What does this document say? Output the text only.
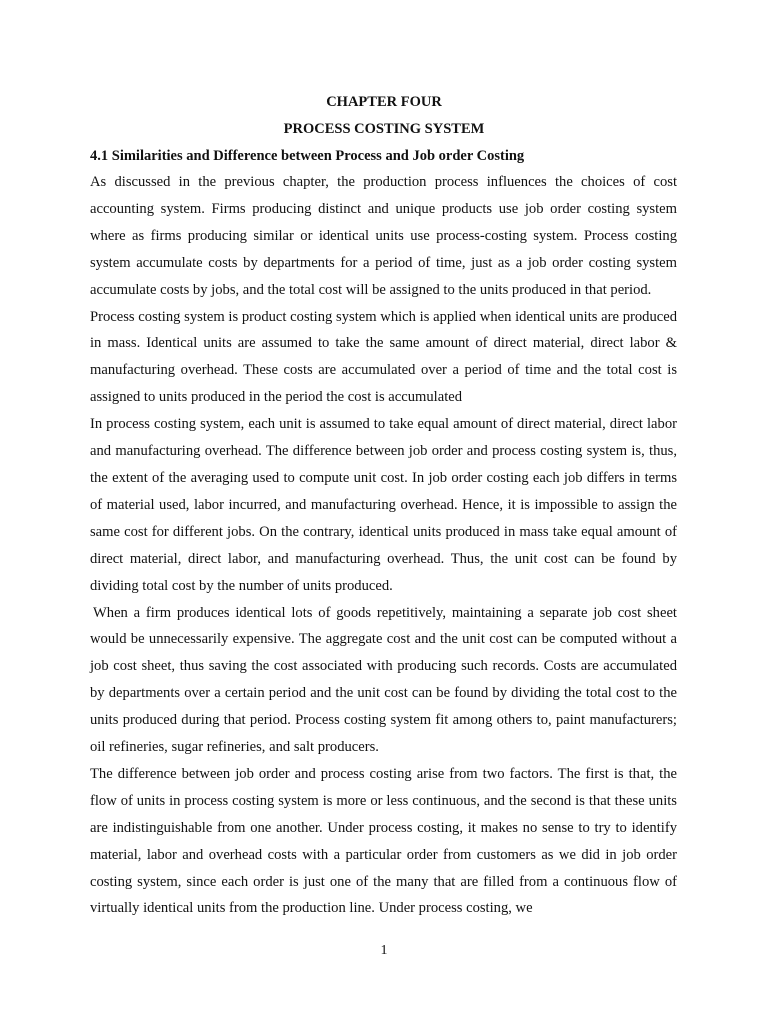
CHAPTER FOUR
PROCESS COSTING SYSTEM
4.1 Similarities and Difference between Process and Job order Costing

As discussed in the previous chapter, the production process influences the choices of cost accounting system. Firms producing distinct and unique products use job order costing system where as firms producing similar or identical units use process-costing system. Process costing system accumulate costs by departments for a period of time, just as a job order costing system accumulate costs by jobs, and the total cost will be assigned to the units produced in that period.

Process costing system is product costing system which is applied when identical units are produced in mass. Identical units are assumed to take the same amount of direct material, direct labor & manufacturing overhead. These costs are accumulated over a period of time and the total cost is assigned to units produced in the period the cost is accumulated

In process costing system, each unit is assumed to take equal amount of direct material, direct labor and manufacturing overhead. The difference between job order and process costing system is, thus, the extent of the averaging used to compute unit cost. In job order costing each job differs in terms of material used, labor incurred, and manufacturing overhead. Hence, it is impossible to assign the same cost for different jobs. On the contrary, identical units produced in mass take equal amount of direct material, direct labor, and manufacturing overhead. Thus, the unit cost can be found by dividing total cost by the number of units produced.

When a firm produces identical lots of goods repetitively, maintaining a separate job cost sheet would be unnecessarily expensive. The aggregate cost and the unit cost can be computed without a job cost sheet, thus saving the cost associated with producing such records. Costs are accumulated by departments over a certain period and the unit cost can be found by dividing the total cost to the units produced during that period. Process costing system fit among others to, paint manufacturers; oil refineries, sugar refineries, and salt producers.

The difference between job order and process costing arise from two factors. The first is that, the flow of units in process costing system is more or less continuous, and the second is that these units are indistinguishable from one another. Under process costing, it makes no sense to try to identify material, labor and overhead costs with a particular order from customers as we did in job order costing system, since each order is just one of the many that are filled from a continuous flow of virtually identical units from the production line. Under process costing, we

1
